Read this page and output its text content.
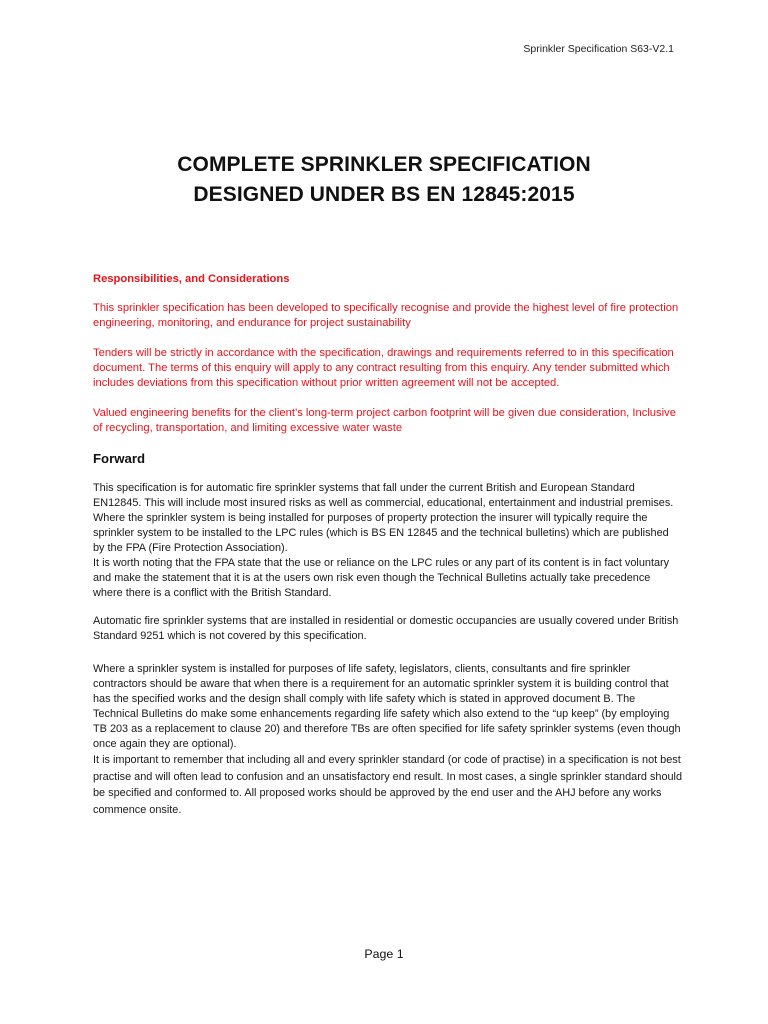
Sprinkler Specification S63-V2.1
COMPLETE SPRINKLER SPECIFICATION
DESIGNED UNDER BS EN 12845:2015
Responsibilities, and Considerations

This sprinkler specification has been developed to specifically recognise and provide the highest level of fire protection engineering, monitoring, and endurance for project sustainability

Tenders will be strictly in accordance with the specification, drawings and requirements referred to in this specification document. The terms of this enquiry will apply to any contract resulting from this enquiry. Any tender submitted which includes deviations from this specification without prior written agreement will not be accepted.

Valued engineering benefits for the client’s long-term project carbon footprint will be given due consideration, Inclusive of recycling, transportation, and limiting excessive water waste

Forward

This specification is for automatic fire sprinkler systems that fall under the current British and European Standard EN12845. This will include most insured risks as well as commercial, educational, entertainment and industrial premises. Where the sprinkler system is being installed for purposes of property protection the insurer will typically require the sprinkler system to be installed to the LPC rules (which is BS EN 12845 and the technical bulletins) which are published by the FPA (Fire Protection Association).

It is worth noting that the FPA state that the use or reliance on the LPC rules or any part of its content is in fact voluntary and make the statement that it is at the users own risk even though the Technical Bulletins actually take precedence where there is a conflict with the British Standard.

Automatic fire sprinkler systems that are installed in residential or domestic occupancies are usually covered under British Standard 9251 which is not covered by this specification.

Where a sprinkler system is installed for purposes of life safety, legislators, clients, consultants and fire sprinkler contractors should be aware that when there is a requirement for an automatic sprinkler system it is building control that has the specified works and the design shall comply with life safety which is stated in approved document B. The Technical Bulletins do make some enhancements regarding life safety which also extend to the “up keep” (by employing TB 203 as a replacement to clause 20) and therefore TBs are often specified for life safety sprinkler systems (even though once again they are optional).

It is important to remember that including all and every sprinkler standard (or code of practise) in a specification is not best practise and will often lead to confusion and an unsatisfactory end result. In most cases, a single sprinkler standard should be specified and conformed to. All proposed works should be approved by the end user and the AHJ before any works commence onsite.

Page 1
